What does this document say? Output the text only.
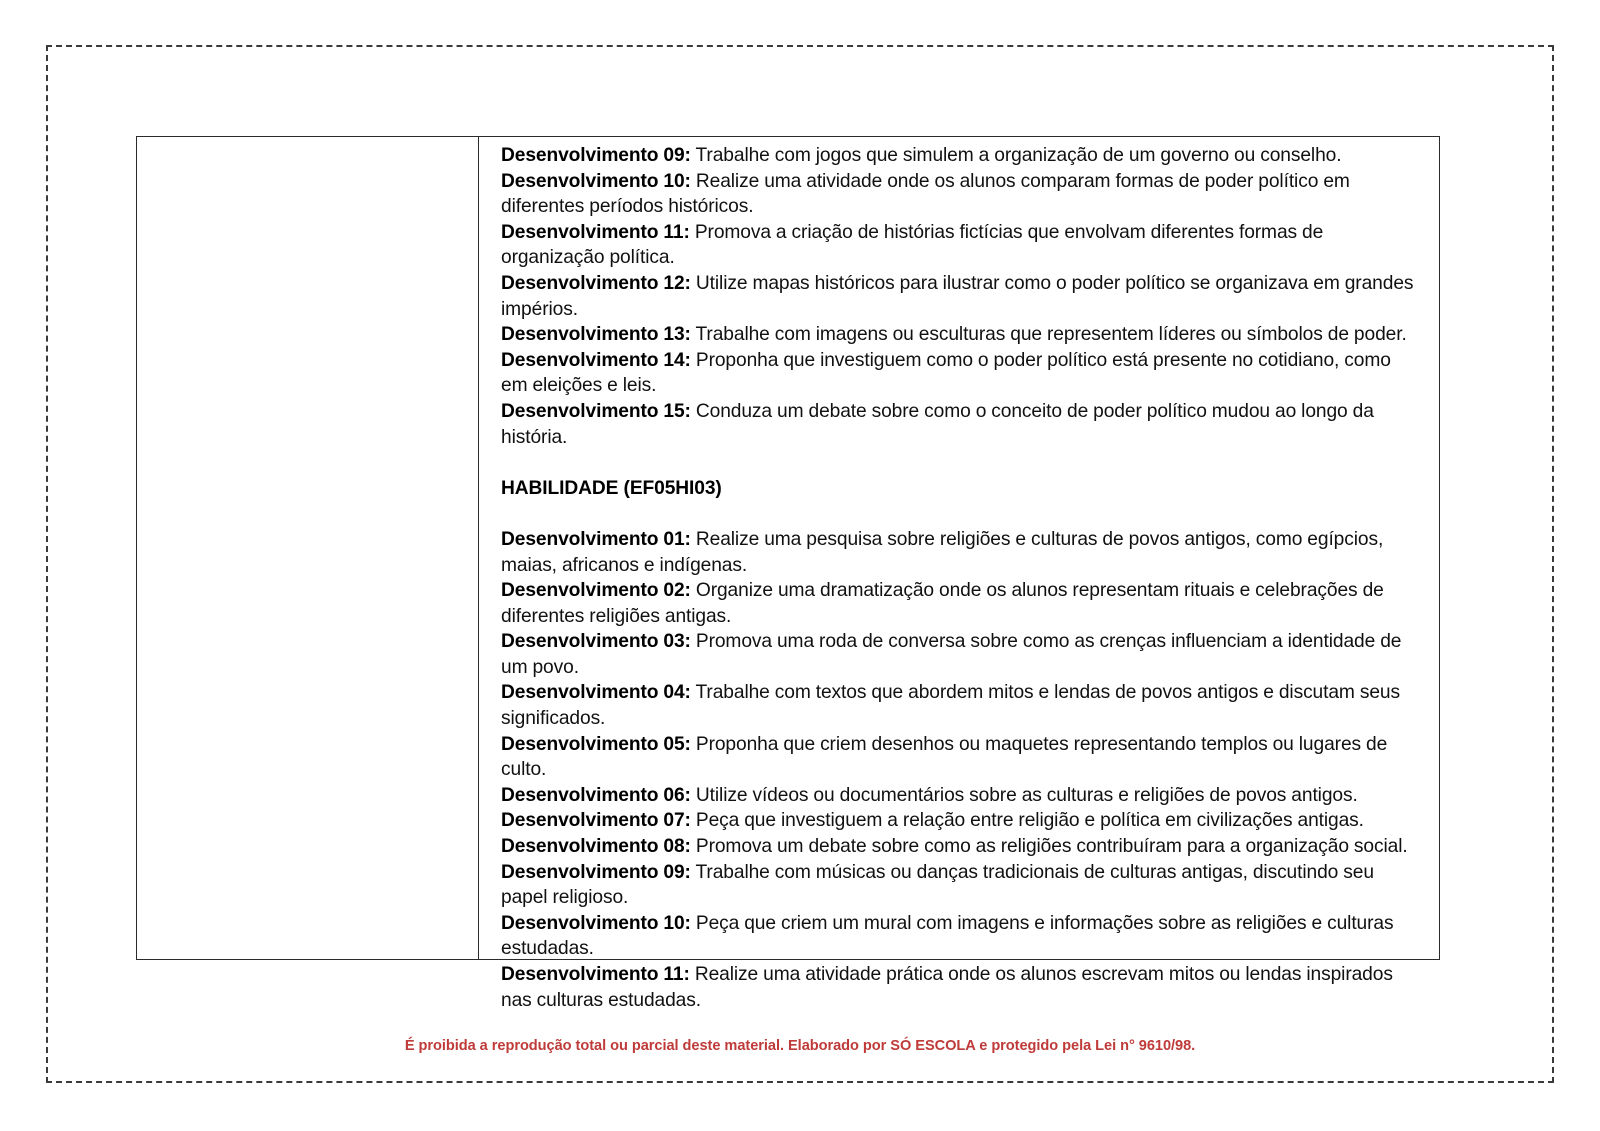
Desenvolvimento 09: Trabalhe com jogos que simulem a organização de um governo ou conselho.

Desenvolvimento 10: Realize uma atividade onde os alunos comparam formas de poder político em diferentes períodos históricos.

Desenvolvimento 11: Promova a criação de histórias fictícias que envolvam diferentes formas de organização política.

Desenvolvimento 12: Utilize mapas históricos para ilustrar como o poder político se organizava em grandes impérios.

Desenvolvimento 13: Trabalhe com imagens ou esculturas que representem líderes ou símbolos de poder.

Desenvolvimento 14: Proponha que investiguem como o poder político está presente no cotidiano, como em eleições e leis.

Desenvolvimento 15: Conduza um debate sobre como o conceito de poder político mudou ao longo da história.

HABILIDADE (EF05HI03)

Desenvolvimento 01: Realize uma pesquisa sobre religiões e culturas de povos antigos, como egípcios, maias, africanos e indígenas.

Desenvolvimento 02: Organize uma dramatização onde os alunos representam rituais e celebrações de diferentes religiões antigas.

Desenvolvimento 03: Promova uma roda de conversa sobre como as crenças influenciam a identidade de um povo.

Desenvolvimento 04: Trabalhe com textos que abordem mitos e lendas de povos antigos e discutam seus significados.

Desenvolvimento 05: Proponha que criem desenhos ou maquetes representando templos ou lugares de culto.

Desenvolvimento 06: Utilize vídeos ou documentários sobre as culturas e religiões de povos antigos.

Desenvolvimento 07: Peça que investiguem a relação entre religião e política em civilizações antigas.

Desenvolvimento 08: Promova um debate sobre como as religiões contribuíram para a organização social.

Desenvolvimento 09: Trabalhe com músicas ou danças tradicionais de culturas antigas, discutindo seu papel religioso.

Desenvolvimento 10: Peça que criem um mural com imagens e informações sobre as religiões e culturas estudadas.

Desenvolvimento 11: Realize uma atividade prática onde os alunos escrevam mitos ou lendas inspirados nas culturas estudadas.

É proibida a reprodução total ou parcial deste material. Elaborado por SÓ ESCOLA e protegido pela Lei n° 9610/98.
